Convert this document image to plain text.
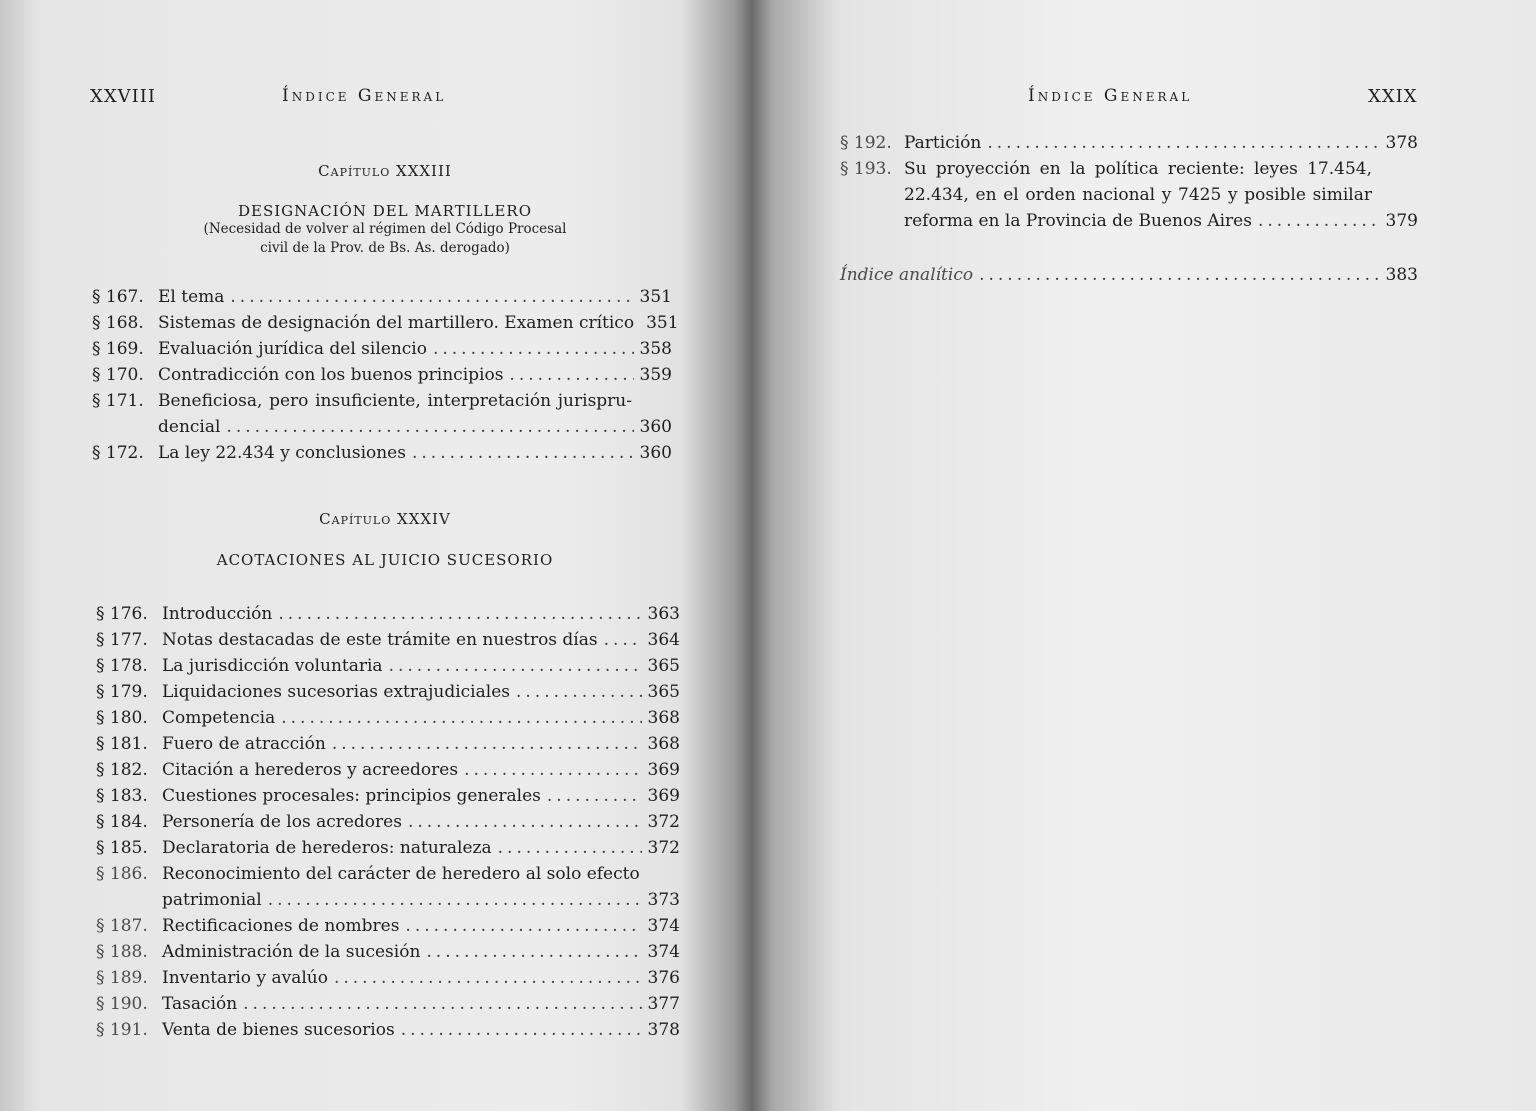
XXVIII	Índice General
Capítulo XXXIII
DESIGNACIÓN DEL MARTILLERO
(Necesidad de volver al régimen del Código Procesal
civil de la Prov. de Bs. As. derogado)
§ 167. El tema .....	351
§ 168. Sistemas de designación del martillero. Examen crítico 351
§ 169. Evaluación jurídica del silencio .....	358
§ 170. Contradicción con los buenos principios .....	359
§ 171. Beneficiosa, pero insuficiente, interpretación jurispru-
dencial .....	360
§ 172. La ley 22.434 y conclusiones .....	360
Capítulo XXXIV
ACOTACIONES AL JUICIO SUCESORIO
§ 176. Introducción .....	363
§ 177. Notas destacadas de este trámite en nuestros días .....	364
§ 178. La jurisdicción voluntaria .....	365
§ 179. Liquidaciones sucesorias extrajudiciales .....	365
§ 180. Competencia .....	368
§ 181. Fuero de atracción .....	368
§ 182. Citación a herederos y acreedores .....	369
§ 183. Cuestiones procesales: principios generales .....	369
§ 184. Personería de los acredores .....	372
§ 185. Declaratoria de herederos: naturaleza .....	372
§ 186. Reconocimiento del carácter de heredero al solo efecto
patrimonial .....	373
§ 187. Rectificaciones de nombres .....	374
§ 188. Administración de la sucesión .....	374
§ 189. Inventario y avalúo .....	376
§ 190. Tasación .....	377
§ 191. Venta de bienes sucesorios .....	378
Índice General	XXIX
§ 192. Partición .....	378
§ 193. Su proyección en la política reciente: leyes 17.454,
22.434, en el orden nacional y 7425 y posible similar
reforma en la Provincia de Buenos Aires .....	379
Índice analítico .....	383
